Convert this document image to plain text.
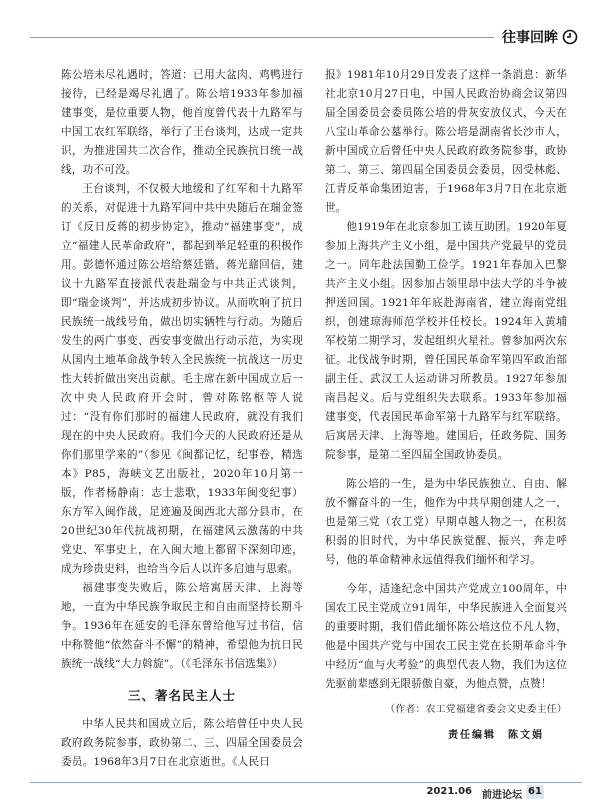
往事回眸

陈公培未尽礼遇时，答道：已用大盆肉、鸡鸭进行接待，已经是竭尽礼遇了。陈公培1933年参加福建事变，是位重要人物，他首度曾代表十九路军与中国工农红军联络，举行了王台谈判，达成一定共识，为推进国共二次合作，推动全民族抗日统一战线，功不可没。

王台谈判，不仅极大地缓和了红军和十九路军的关系，对促进十九路军同中共中央随后在瑞金签订《反日反蒋的初步协定》，推动“福建事变”，成立“福建人民革命政府”，都起到举足轻重的积极作用。彭德怀通过陈公培给蔡廷锴、蒋光鼐回信，建议十九路军直接派代表赴瑞金与中共正式谈判，即“瑞金谈判”，并达成初步协议。从而吹响了抗日民族统一战线号角，做出切实辆牲与行动。为随后发生的两广事变、西安事变做出行动示范，为实现从国内土地革命战争转入全民族统一抗战这一历史性大转折做出突出贡献。毛主席在新中国成立后一次中央人民政府开会时，曾对陈铭枢等人说过：“没有你们那时的福建人民政府，就没有我们现在的中央人民政府。我们今天的人民政府还是从你们那里学来的”（参见《闽都记忆，纪事卷，精选本》P85，海峡文艺出版社，2020年10月第一版，作者杨静南：志士悲歌，1933年闽变纪事）东方军入闽作战，足迹遍及闽西北大部分县市，在20世纪30年代抗战初期，在福建风云激荡的中共党史、军事史上，在入闽大地上都留下深刻印迹，成为珍贵史料，也给当今后人以许多启迪与思索。

福建事变失败后，陈公培寓居天津、上海等地，一直为中华民族争取民主和自由而坚持长期斗争。1936年在延安的毛泽东曾给他写过书信，信中称赞他“依然奋斗不懈”的精神，希望他为抗日民族统一战线“大力斡旋”。（《毛泽东书信选集》）

三、著名民主人士

中华人民共和国成立后，陈公培曾任中央人民政府政务院参事，政协第二、三、四届全国委员会委员。1968年3月7日在北京逝世。《人民日

报》1981年10月29日发表了这样一条消息：新华社北京10月27日电，中国人民政治协商会议第四届全国委员会委员陈公培的骨灰安放仪式，今天在八宝山革命公墓举行。陈公培是湖南省长沙市人，新中国成立后曾任中央人民政府政务院参事，政协第二、第三、第四届全国委员会委员，因受林彪、江青反革命集团迫害，于1968年3月7日在北京逝世。

他1919年在北京参加工读互助团。1920年夏参加上海共产主义小组，是中国共产党最早的党员之一。同年赴法国勤工俭学。1921年春加入巴黎共产主义小组。因参加占领里昂中法大学的斗争被押送回国。1921年年底赴海南省，建立海南党组织，创建琼海师范学校并任校长。1924年入黄埔军校第二期学习，发起组织火星社。曾参加两次东征。北伐战争时期，曾任国民革命军第四军政治部副主任、武汉工人运动讲习所教员。1927年参加南昌起义。后与党组织失去联系。1933年参加福建事变，代表国民革命军第十九路军与红军联络。后寓居天津、上海等地。建国后，任政务院、国务院参事，是第二至四届全国政协委员。

陈公培的一生，是为中华民族独立、自由、解放不懈奋斗的一生，他作为中共早期创建人之一，也是第三党（农工党）早期卓越人物之一，在积贫积弱的旧时代，为中华民族觉醒、振兴，奔走呼号，他的革命精神永远值得我们缅怀和学习。

今年，适逢纪念中国共产党成立100周年，中国农工民主党成立91周年，中华民族进入全面复兴的重要时期，我们借此缅怀陈公培这位不凡人物，他是中国共产党与中国农工民主党在长期革命斗争中经历“血与火考验”的典型代表人物，我们为这位先驱前辈感到无限骄傲自豪，为他点赞，点赞！

（作者：农工党福建省委会文史委主任）
责任编辑　陈文娟
2021.06 前进论坛 61
